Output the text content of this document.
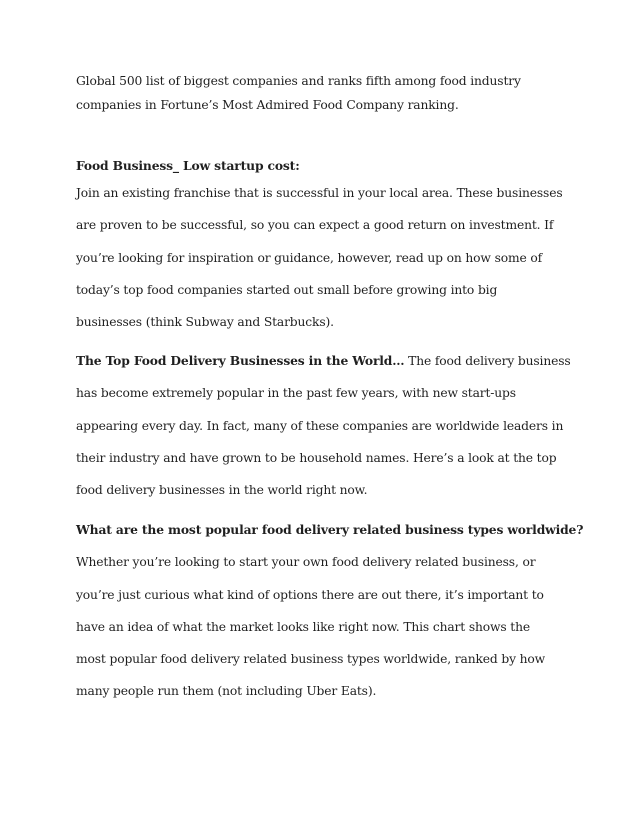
Global 500 list of biggest companies and ranks fifth among food industry
companies in Fortune’s Most Admired Food Company ranking.

Food Business_ Low startup cost:
Join an existing franchise that is successful in your local area. These businesses
are proven to be successful, so you can expect a good return on investment. If
you’re looking for inspiration or guidance, however, read up on how some of
today’s top food companies started out small before growing into big
businesses (think Subway and Starbucks).
The Top Food Delivery Businesses in the World… The food delivery business
has become extremely popular in the past few years, with new start-ups
appearing every day. In fact, many of these companies are worldwide leaders in
their industry and have grown to be household names. Here’s a look at the top
food delivery businesses in the world right now.
What are the most popular food delivery related business types worldwide?
Whether you’re looking to start your own food delivery related business, or
you’re just curious what kind of options there are out there, it’s important to
have an idea of what the market looks like right now. This chart shows the
most popular food delivery related business types worldwide, ranked by how
many people run them (not including Uber Eats).
